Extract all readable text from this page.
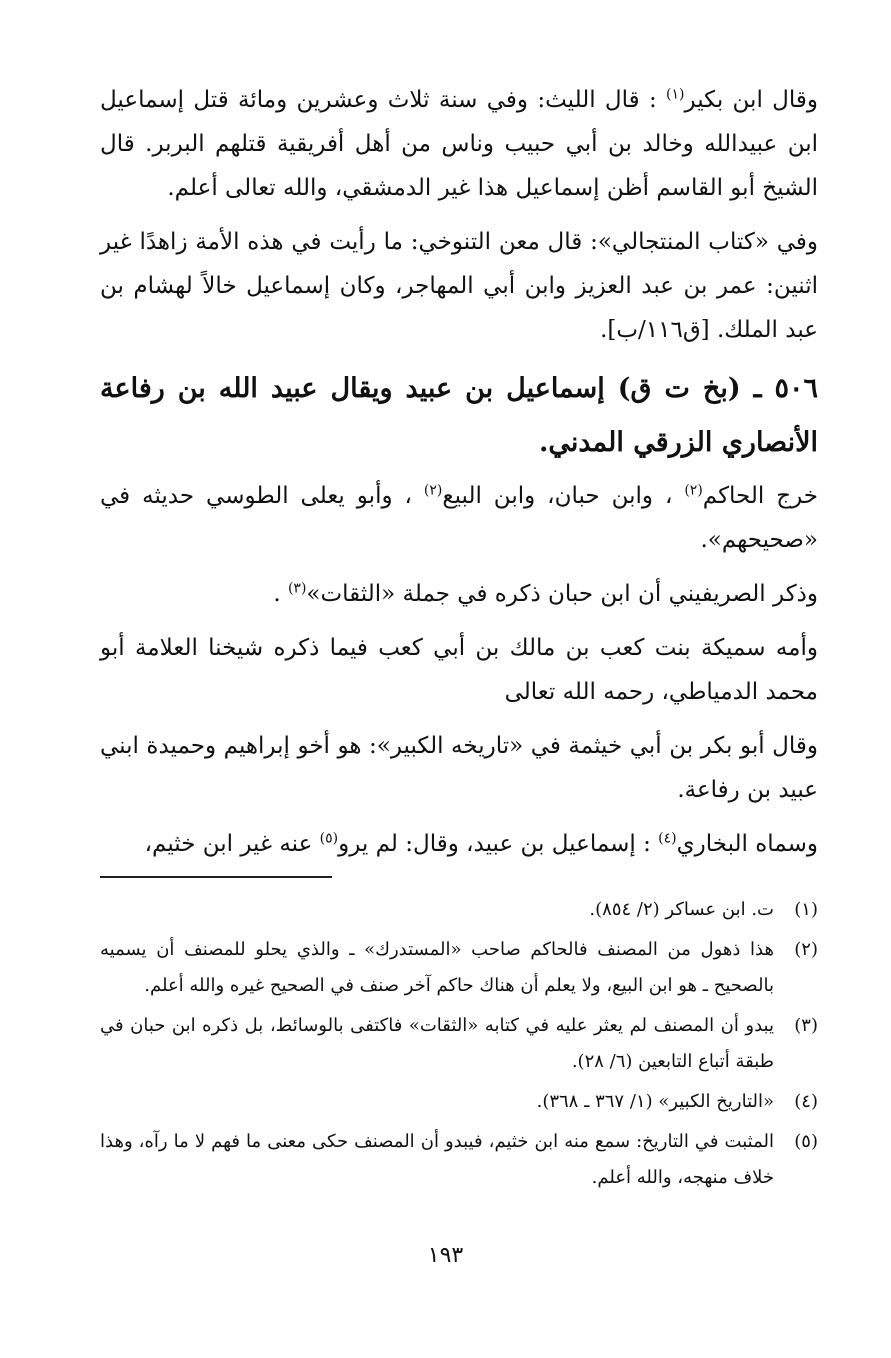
وقال ابن بكير$^{(١)}$ : قال الليث: وفي سنة ثلاث وعشرين ومائة قتل إسماعيل ابن عبيدالله وخالد بن أبي حبيب وناس من أهل أفريقية قتلهم البربر. قال الشيخ أبو القاسم أظن إسماعيل هذا غير الدمشقي، والله تعالى أعلم.

وفي «كتاب المنتجالي»: قال معن التنوخي: ما رأيت في هذه الأمة زاهدًا غير اثنين: عمر بن عبد العزيز وابن أبي المهاجر، وكان إسماعيل خالاً لهشام بن عبد الملك. [ق١١٦/ب].

٥٠٦ ـ (بخ ت ق) إسماعيل بن عبيد ويقال عبيد الله بن رفاعة الأنصاري الزرقي المدني.

خرج الحاكم$^{(٢)}$ ، وابن حبان، وابن البيع$^{(٢)}$ ، وأبو يعلى الطوسي حديثه في «صحيحهم».

وذكر الصريفيني أن ابن حبان ذكره في جملة «الثقات»$^{(٣)}$ .

وأمه سميكة بنت كعب بن مالك بن أبي كعب فيما ذكره شيخنا العلامة أبو محمد الدمياطي، رحمه الله تعالى

وقال أبو بكر بن أبي خيثمة في «تاريخه الكبير»: هو أخو إبراهيم وحميدة ابني عبيد بن رفاعة.

وسماه البخاري$^{(٤)}$ : إسماعيل بن عبيد، وقال: لم يرو$^{(٥)}$ عنه غير ابن خثيم،

(١)
ت. ابن عساكر (٢/ ٨٥٤).
(٢)
هذا ذهول من المصنف فالحاكم صاحب «المستدرك» ـ والذي يحلو للمصنف أن يسميه بالصحيح ـ هو ابن البيع، ولا يعلم أن هناك حاكم آخر صنف في الصحيح غيره والله أعلم.
(٣)
يبدو أن المصنف لم يعثر عليه في كتابه «الثقات» فاكتفى بالوسائط، بل ذكره ابن حبان في طبقة أتباع التابعين (٦/ ٢٨).
(٤)
«التاريخ الكبير» (١/ ٣٦٧ ـ ٣٦٨).
(٥)
المثبت في التاريخ: سمع منه ابن خثيم، فيبدو أن المصنف حكى معنى ما فهم لا ما رآه، وهذا خلاف منهجه، والله أعلم.
١٩٣
